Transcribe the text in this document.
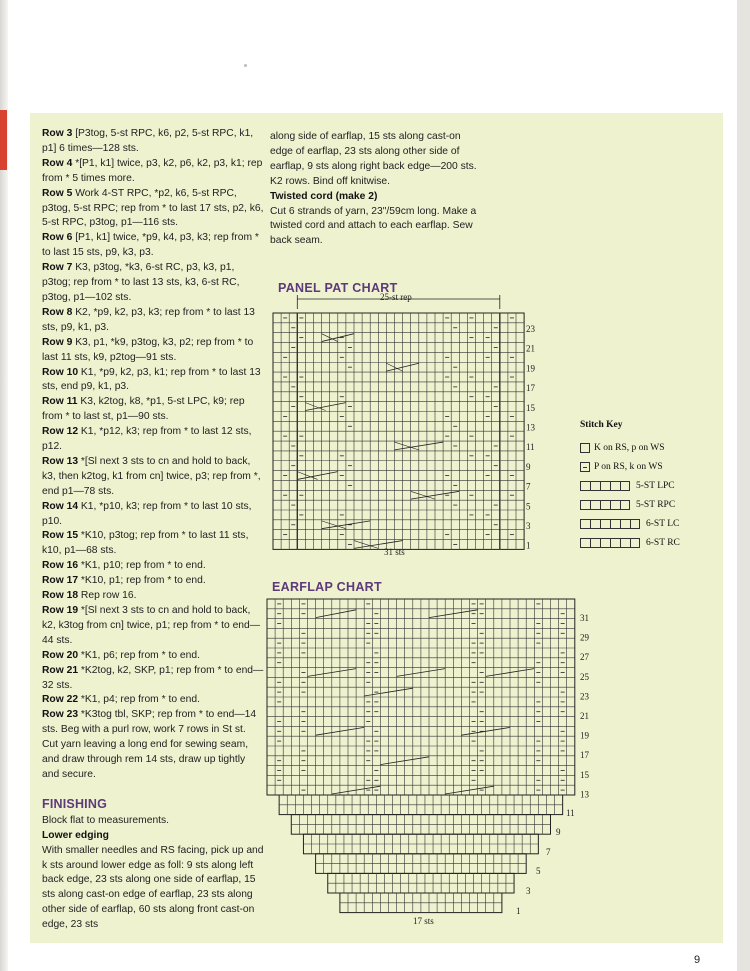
Row 3 [P3tog, 5-st RPC, k6, p2, 5-st RPC, k1, p1] 6 times—128 sts.

Row 4 *[P1, k1] twice, p3, k2, p6, k2, p3, k1; rep from * 5 times more.

Row 5 Work 4-ST RPC, *p2, k6, 5-st RPC, p3tog, 5-st RPC; rep from * to last 17 sts, p2, k6, 5-st RPC, p3tog, p1—116 sts.

Row 6 [P1, k1] twice, *p9, k4, p3, k3; rep from * to last 15 sts, p9, k3, p3.

Row 7 K3, p3tog, *k3, 6-st RC, p3, k3, p1, p3tog; rep from * to last 13 sts, k3, 6-st RC, p3tog, p1—102 sts.

Row 8 K2, *p9, k2, p3, k3; rep from * to last 13 sts, p9, k1, p3.

Row 9 K3, p1, *k9, p3tog, k3, p2; rep from * to last 11 sts, k9, p2tog—91 sts.

Row 10 K1, *p9, k2, p3, k1; rep from * to last 13 sts, end p9, k1, p3.

Row 11 K3, k2tog, k8, *p1, 5-st LPC, k9; rep from * to last st, p1—90 sts.

Row 12 K1, *p12, k3; rep from * to last 12 sts, p12.

Row 13 *[Sl next 3 sts to cn and hold to back, k3, then k2tog, k1 from cn] twice, p3; rep from *, end p1—78 sts.

Row 14 K1, *p10, k3; rep from * to last 10 sts, p10.

Row 15 *K10, p3tog; rep from * to last 11 sts, k10, p1—68 sts.

Row 16 *K1, p10; rep from * to end.

Row 17 *K10, p1; rep from * to end.

Row 18 Rep row 16.

Row 19 *[Sl next 3 sts to cn and hold to back, k2, k3tog from cn] twice, p1; rep from * to end—44 sts.

Row 20 *K1, p6; rep from * to end.

Row 21 *K2tog, k2, SKP, p1; rep from * to end—32 sts.

Row 22 *K1, p4; rep from * to end.

Row 23 *K3tog tbl, SKP; rep from * to end—14 sts. Beg with a purl row, work 7 rows in St st. Cut yarn leaving a long end for sewing seam, and draw through rem 14 sts, draw up tightly and secure.

FINISHING

Block flat to measurements.

Lower edging

With smaller needles and RS facing, pick up and k sts around lower edge as foll: 9 sts along left back edge, 23 sts along one side of earflap, 15 sts along cast-on edge of earflap, 23 sts along other side of earflap, 60 sts along front cast-on edge, 23 sts

along side of earflap, 15 sts along cast-on edge of earflap, 23 sts along other side of earflap, 9 sts along right back edge—200 sts. K2 rows. Bind off knitwise.

Twisted cord (make 2)

Cut 6 strands of yarn, 23"/59cm long. Make a twisted cord and attach to each earflap. Sew back seam.

PANEL PAT CHART
EARFLAP CHART
23
21
19
17
15
13
11
9
7
5
3
1
31 sts
31
29
27
25
23
21
19
17
15
13
11
9
7
5
3
1
17 sts
25-st rep
Stitch Key
K on RS, p on WS
P on RS, k on WS
5-ST LPC
5-ST RPC
6-ST LC
6-ST RC
9
